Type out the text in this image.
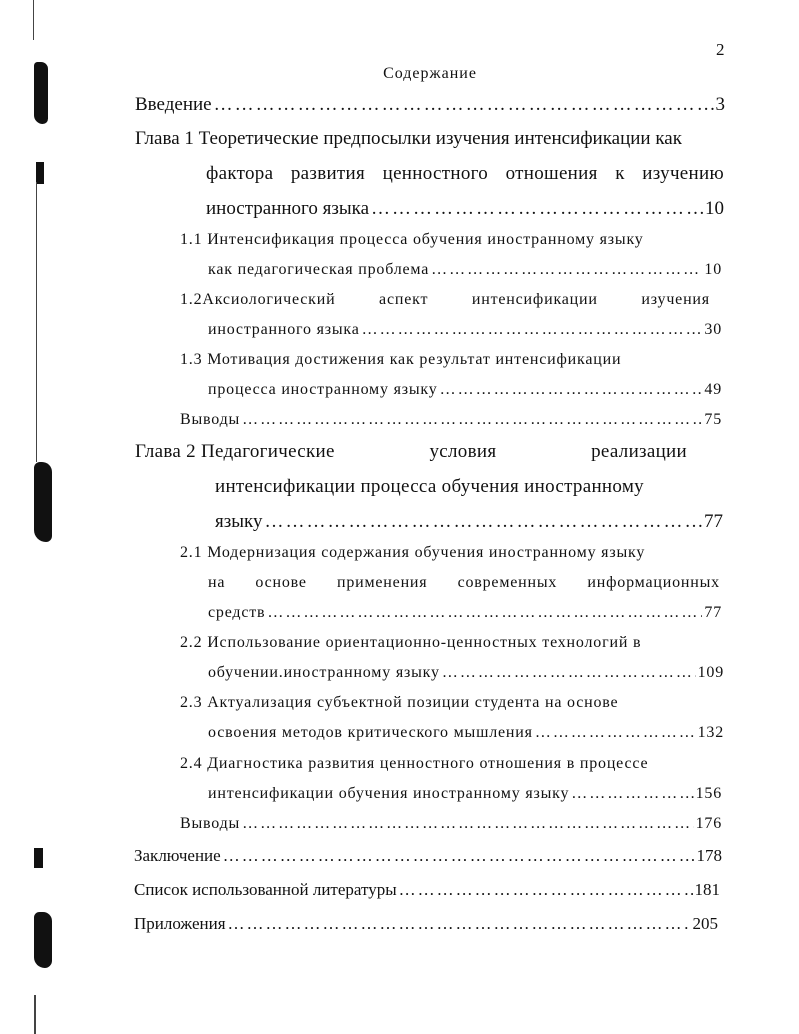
2
Содержание
Введение …………………………………………………………………………………………………………………………………………	3
Глава 1 Теоретические предпосылки изучения интенсификации как
фактора развития ценностного отношения к изучению
иностранного языка …………………………………………………………………………………………………………………………………………	10
1.1 Интенсификация процесса обучения иностранному языку
как педагогическая проблема …………………………………………………………………………………………………………………………………………	10
1.2Аксиологический	аспект	интенсификации	изучения
иностранного языка …………………………………………………………………………………………………………………………………………	30
1.3 Мотивация достижения как результат интенсификации
процесса иностранному языку …………………………………………………………………………………………………………………………………………	49
Выводы …………………………………………………………………………………………………………………………………………	75
Глава 2 Педагогические	условия	реализации
интенсификации процесса обучения иностранному
языку …………………………………………………………………………………………………………………………………………	77
2.1 Модернизация содержания обучения иностранному языку
на основе применения современных информационных
средств …………………………………………………………………………………………………………………………………………	77
2.2 Использование ориентационно-ценностных технологий в
обучении.иностранному языку …………………………………………………………………………………………………………………………………………	109
2.3 Актуализация субъектной позиции студента на основе
освоения методов критического мышления …………………………………………………………………………………………………………………………………………	132
2.4 Диагностика развития ценностного отношения в процессе
интенсификации обучения иностранному языку …………………………………………………………………………………………………………………………………………	156
Выводы …………………………………………………………………………………………………………………………………………	176
Заключение …………………………………………………………………………………………………………………………………………	178
Список использованной литературы …………………………………………………………………………………………………………………………………………	181
Приложения …………………………………………………………………………………………………………………………………………	205
